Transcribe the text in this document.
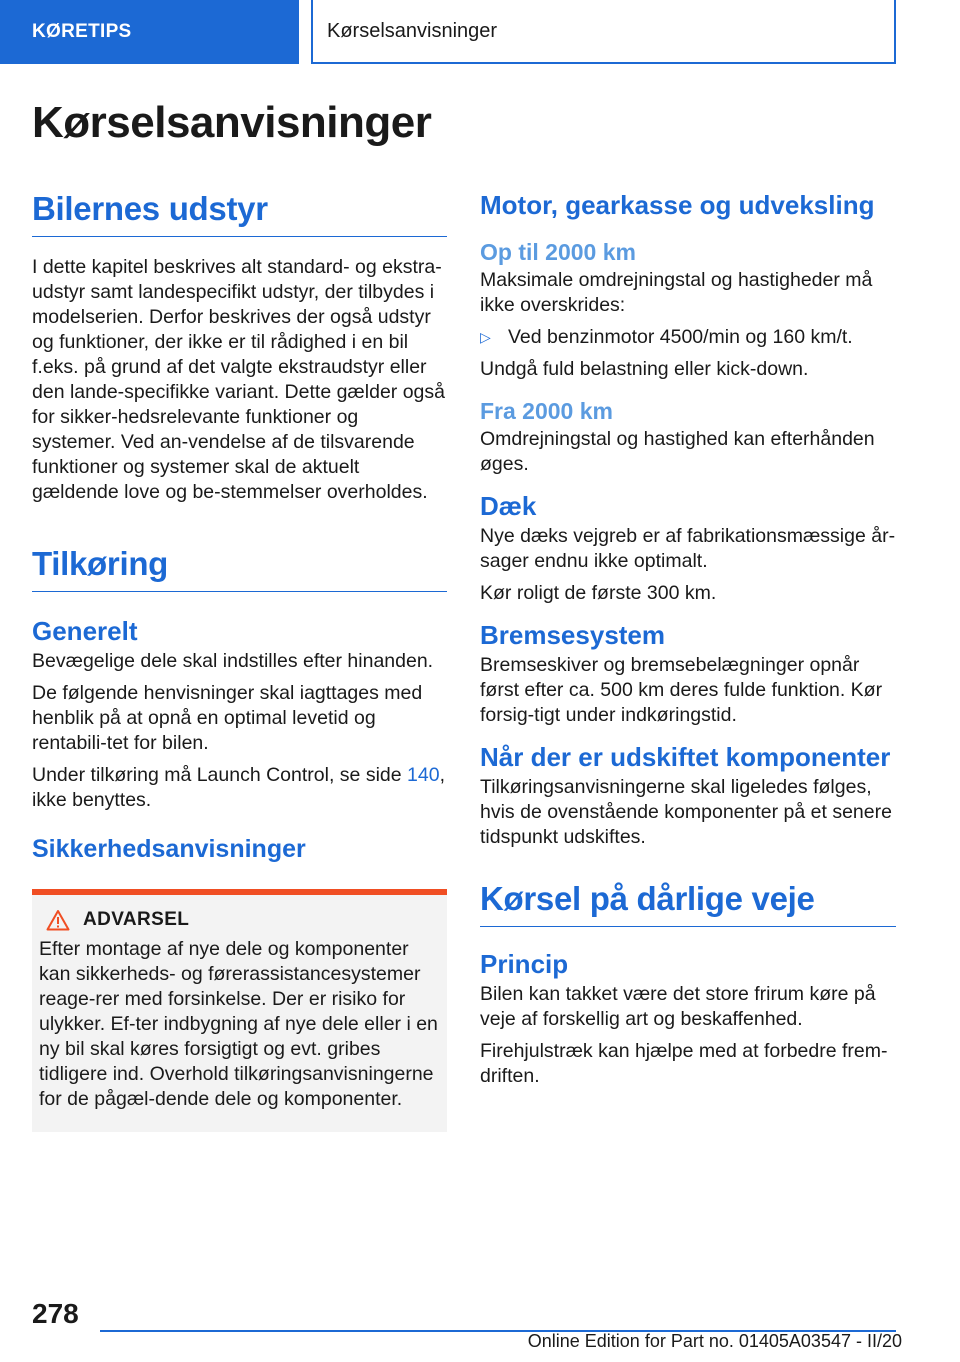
KØRETIPS	Kørselsanvisninger
Kørselsanvisninger
Bilernes udstyr

I dette kapitel beskrives alt standard- og ekstra-udstyr samt landespecifikt udstyr, der tilbydes i modelserien. Derfor beskrives der også udstyr og funktioner, der ikke er til rådighed i en bil f.eks. på grund af det valgte ekstraudstyr eller den lande-specifikke variant. Dette gælder også for sikker-hedsrelevante funktioner og systemer. Ved an-vendelse af de tilsvarende funktioner og systemer skal de aktuelt gældende love og be-stemmelser overholdes.

Tilkøring
Generelt

Bevægelige dele skal indstilles efter hinanden.

De følgende henvisninger skal iagttages med henblik på at opnå en optimal levetid og rentabili-tet for bilen.

Under tilkøring må Launch Control, se side 140, ikke benyttes.

Sikkerhedsanvisninger
ADVARSEL

Efter montage af nye dele og komponenter kan sikkerheds- og førerassistancesystemer reage-rer med forsinkelse. Der er risiko for ulykker. Ef-ter indbygning af nye dele eller i en ny bil skal køres forsigtigt og evt. gribes tidligere ind. Overhold tilkøringsanvisningerne for de pågæl-dende dele og komponenter.

Motor, gearkasse og udveksling
Op til 2000 km

Maksimale omdrejningstal og hastigheder må ikke overskrides:

▷ Ved benzinmotor 4500/min og 160 km/t.

Undgå fuld belastning eller kick-down.

Fra 2000 km

Omdrejningstal og hastighed kan efterhånden øges.

Dæk

Nye dæks vejgreb er af fabrikationsmæssige år-sager endnu ikke optimalt.

Kør roligt de første 300 km.

Bremsesystem

Bremseskiver og bremsebelægninger opnår først efter ca. 500 km deres fulde funktion. Kør forsig-tigt under indkøringstid.

Når der er udskiftet komponenter

Tilkøringsanvisningerne skal ligeledes følges, hvis de ovenstående komponenter på et senere tidspunkt udskiftes.

Kørsel på dårlige veje
Princip

Bilen kan takket være det store frirum køre på veje af forskellig art og beskaffenhed.

Firehjulstræk kan hjælpe med at forbedre frem-driften.

278
Online Edition for Part no. 01405A03547 - II/20
